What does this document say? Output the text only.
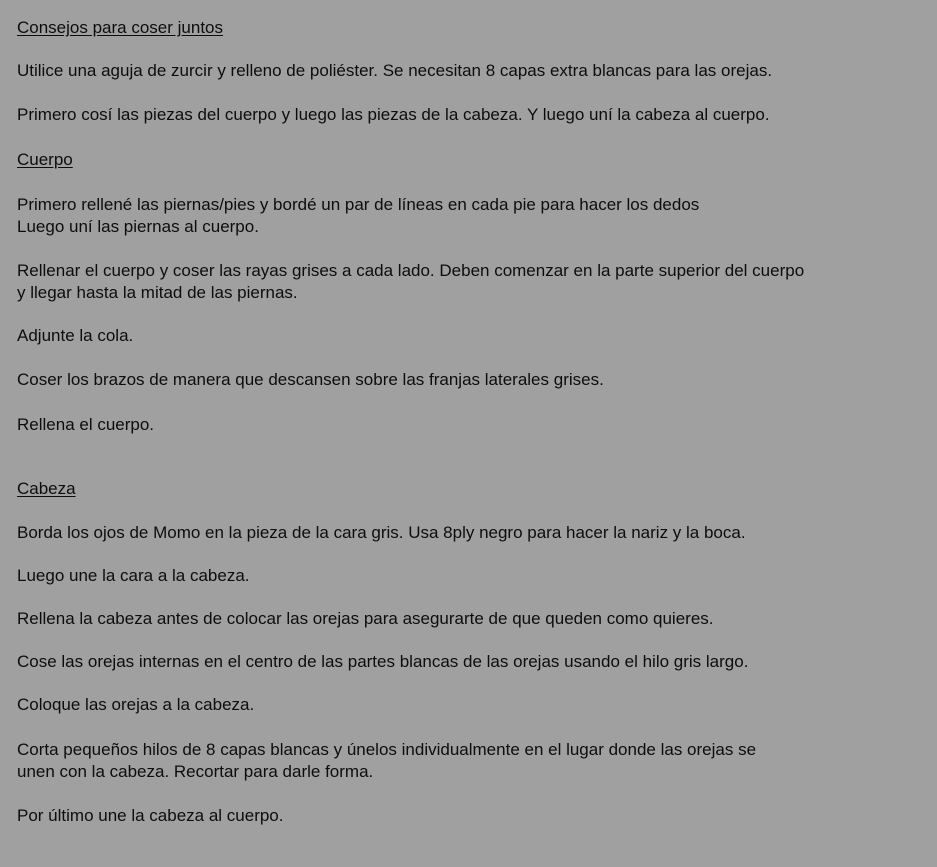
Consejos para coser juntos

Utilice una aguja de zurcir y relleno de poliéster. Se necesitan 8 capas extra blancas para las orejas.

Primero cosí las piezas del cuerpo y luego las piezas de la cabeza. Y luego uní la cabeza al cuerpo.

Cuerpo

Primero rellené las piernas/pies y bordé un par de líneas en cada pie para hacer los dedos

Luego uní las piernas al cuerpo.

Rellenar el cuerpo y coser las rayas grises a cada lado. Deben comenzar en la parte superior del cuerpo

y llegar hasta la mitad de las piernas.

Adjunte la cola.

Coser los brazos de manera que descansen sobre las franjas laterales grises.

Rellena el cuerpo.

Cabeza

Borda los ojos de Momo en la pieza de la cara gris. Usa 8ply negro para hacer la nariz y la boca.

Luego une la cara a la cabeza.

Rellena la cabeza antes de colocar las orejas para asegurarte de que queden como quieres.

Cose las orejas internas en el centro de las partes blancas de las orejas usando el hilo gris largo.

Coloque las orejas a la cabeza.

Corta pequeños hilos de 8 capas blancas y únelos individualmente en el lugar donde las orejas se

unen con la cabeza. Recortar para darle forma.

Por último une la cabeza al cuerpo.
